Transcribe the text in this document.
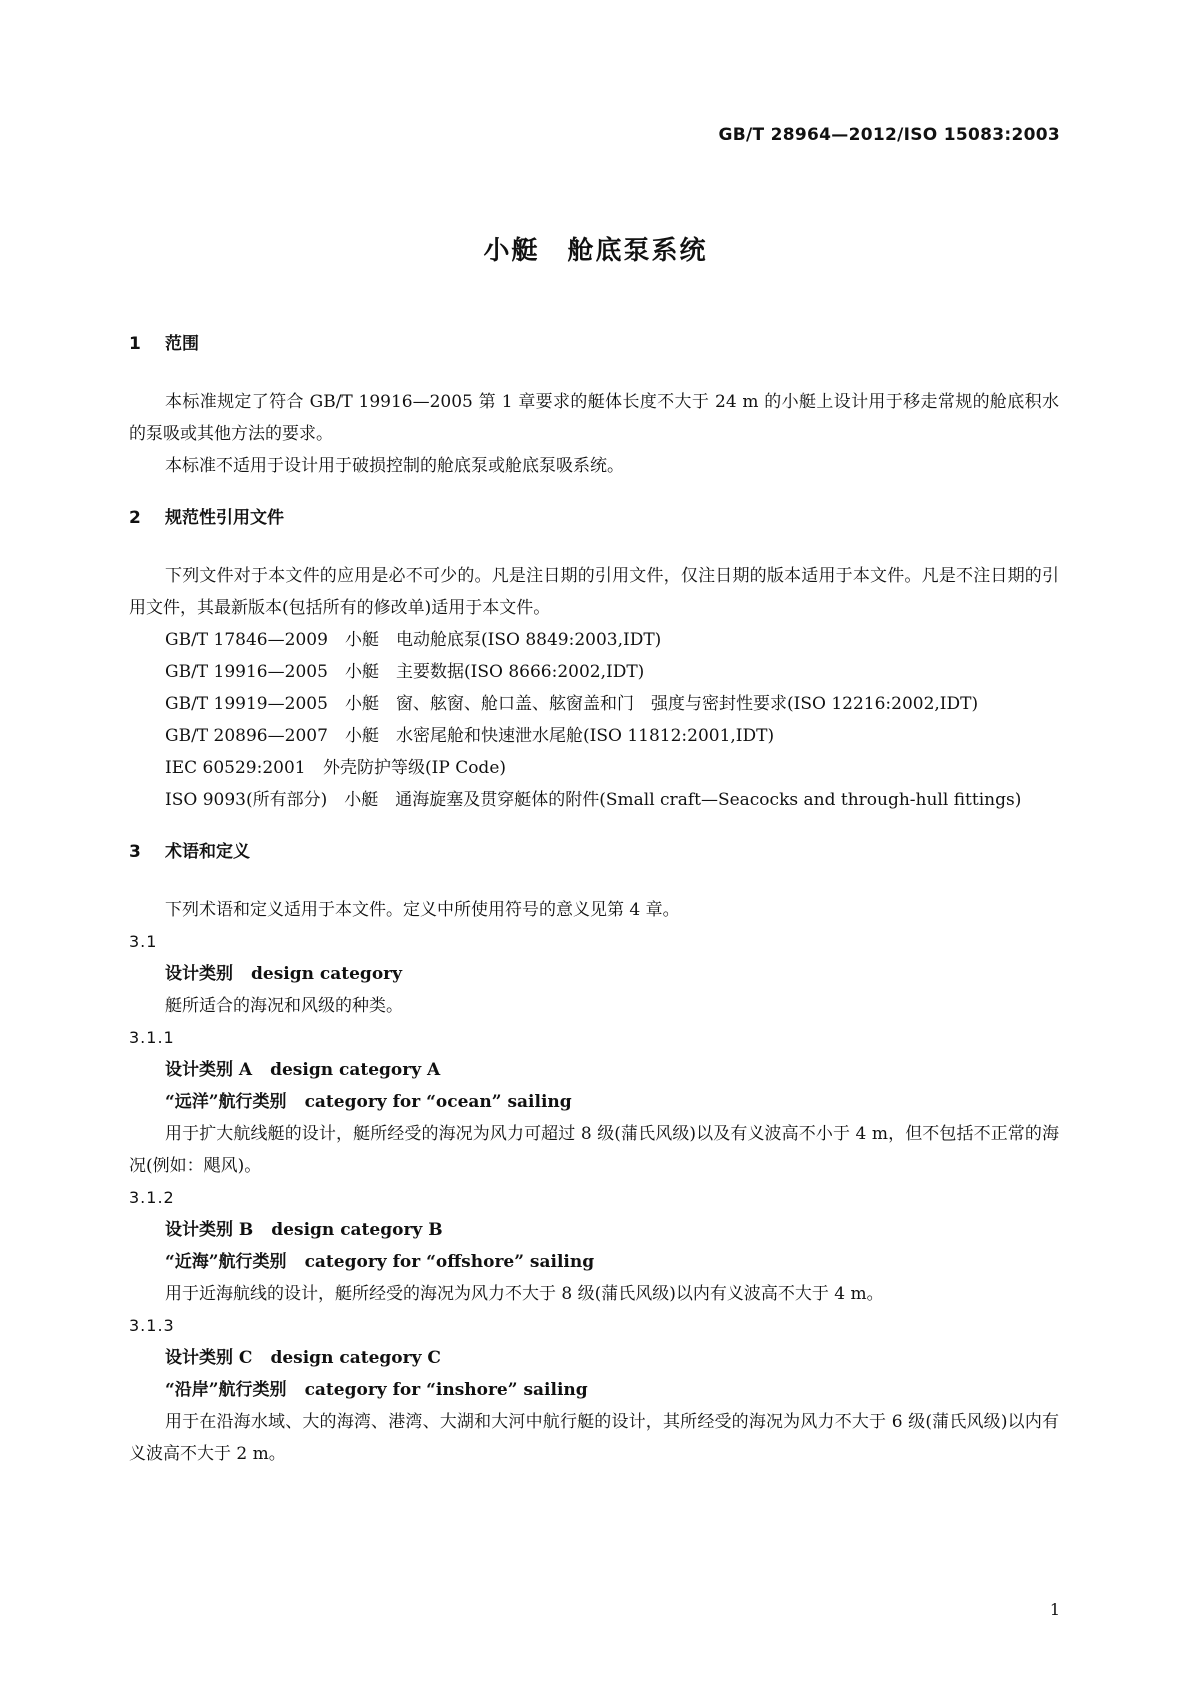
GB/T 28964—2012/ISO 15083:2003
小艇　舱底泵系统
1 范围
本标准规定了符合 GB/T 19916—2005 第 1 章要求的艇体长度不大于 24 m 的小艇上设计用于移走常规的舱底积水的泵吸或其他方法的要求。
本标准不适用于设计用于破损控制的舱底泵或舱底泵吸系统。
2 规范性引用文件
下列文件对于本文件的应用是必不可少的。凡是注日期的引用文件，仅注日期的版本适用于本文件。凡是不注日期的引用文件，其最新版本(包括所有的修改单)适用于本文件。
GB/T 17846—2009 小艇　电动舱底泵(ISO 8849:2003,IDT)
GB/T 19916—2005 小艇　主要数据(ISO 8666:2002,IDT)
GB/T 19919—2005 小艇　窗、舷窗、舱口盖、舷窗盖和门　强度与密封性要求(ISO 12216:2002,IDT)
GB/T 20896—2007 小艇　水密尾舱和快速泄水尾舱(ISO 11812:2001,IDT)
IEC 60529:2001 外壳防护等级(IP Code)
ISO 9093(所有部分)　小艇　通海旋塞及贯穿艇体的附件(Small craft—Seacocks and through-hull fittings)
3 术语和定义
下列术语和定义适用于本文件。定义中所使用符号的意义见第 4 章。
3.1
设计类别 design category
艇所适合的海况和风级的种类。
3.1.1
设计类别 A design category A
“远洋”航行类别 category for “ocean” sailing
用于扩大航线艇的设计，艇所经受的海况为风力可超过 8 级(蒲氏风级)以及有义波高不小于 4 m，但不包括不正常的海况(例如：飓风)。
3.1.2
设计类别 B design category B
“近海”航行类别 category for “offshore” sailing
用于近海航线的设计，艇所经受的海况为风力不大于 8 级(蒲氏风级)以内有义波高不大于 4 m。
3.1.3
设计类别 C design category C
“沿岸”航行类别 category for “inshore” sailing
用于在沿海水域、大的海湾、港湾、大湖和大河中航行艇的设计，其所经受的海况为风力不大于 6 级(蒲氏风级)以内有义波高不大于 2 m。
1
